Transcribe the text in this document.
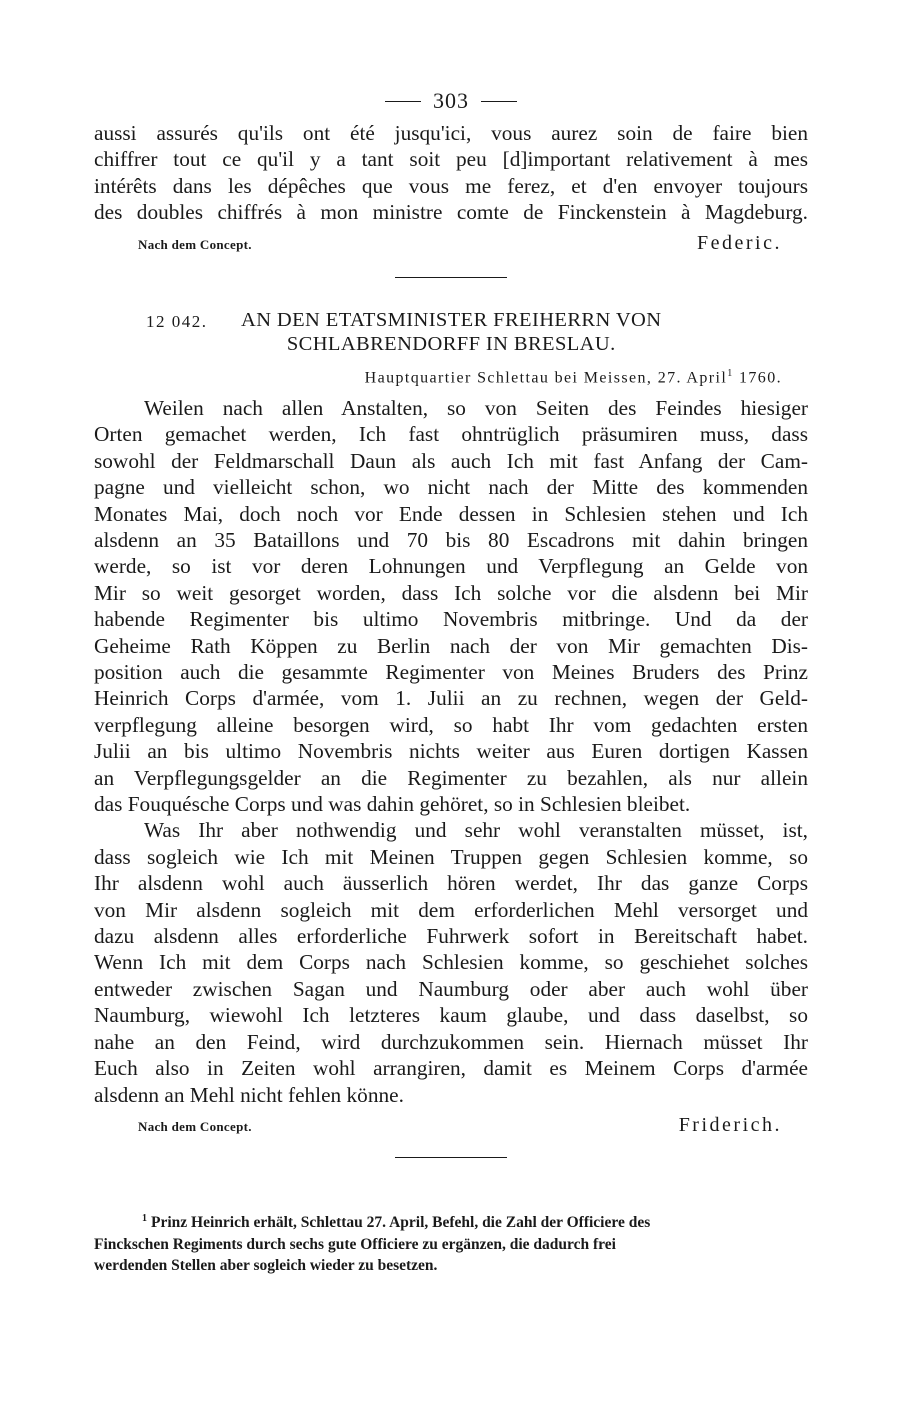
303

aussi assurés qu'ils ont été jusqu'ici, vous aurez soin de faire bien

chiffrer tout ce qu'il y a tant soit peu [d]important relativement à mes

intérêts dans les dépêches que vous me ferez, et d'en envoyer toujours

des doubles chiffrés à mon ministre comte de Finckenstein à Magdeburg.

Nach dem Concept.	Federic.
12 042.	AN DEN ETATSMINISTER FREIHERRN VON
SCHLABRENDORFF IN BRESLAU.
Hauptquartier Schlettau bei Meissen, 27. April$^1$ 1760.

Weilen nach allen Anstalten, so von Seiten des Feindes hiesiger

Orten gemachet werden, Ich fast ohntrüglich präsumiren muss, dass

sowohl der Feldmarschall Daun als auch Ich mit fast Anfang der Cam-

pagne und vielleicht schon, wo nicht nach der Mitte des kommenden

Monates Mai, doch noch vor Ende dessen in Schlesien stehen und Ich

alsdenn an 35 Bataillons und 70 bis 80 Escadrons mit dahin bringen

werde, so ist vor deren Lohnungen und Verpflegung an Gelde von

Mir so weit gesorget worden, dass Ich solche vor die alsdenn bei Mir

habende Regimenter bis ultimo Novembris mitbringe. Und da der

Geheime Rath Köppen zu Berlin nach der von Mir gemachten Dis-

position auch die gesammte Regimenter von Meines Bruders des Prinz

Heinrich Corps d'armée, vom 1. Julii an zu rechnen, wegen der Geld-

verpflegung alleine besorgen wird, so habt Ihr vom gedachten ersten

Julii an bis ultimo Novembris nichts weiter aus Euren dortigen Kassen

an Verpflegungsgelder an die Regimenter zu bezahlen, als nur allein

das Fouquésche Corps und was dahin gehöret, so in Schlesien bleibet.

Was Ihr aber nothwendig und sehr wohl veranstalten müsset, ist,

dass sogleich wie Ich mit Meinen Truppen gegen Schlesien komme, so

Ihr alsdenn wohl auch äusserlich hören werdet, Ihr das ganze Corps

von Mir alsdenn sogleich mit dem erforderlichen Mehl versorget und

dazu alsdenn alles erforderliche Fuhrwerk sofort in Bereitschaft habet.

Wenn Ich mit dem Corps nach Schlesien komme, so geschiehet solches

entweder zwischen Sagan und Naumburg oder aber auch wohl über

Naumburg, wiewohl Ich letzteres kaum glaube, und dass daselbst, so

nahe an den Feind, wird durchzukommen sein. Hiernach müsset Ihr

Euch also in Zeiten wohl arrangiren, damit es Meinem Corps d'armée

alsdenn an Mehl nicht fehlen könne.

Nach dem Concept.	Friderich.
$^1$ Prinz Heinrich erhält, Schlettau 27. April, Befehl, die Zahl der Officiere des
Finckschen Regiments durch sechs gute Officiere zu ergänzen, die dadurch frei
werdenden Stellen aber sogleich wieder zu besetzen.
